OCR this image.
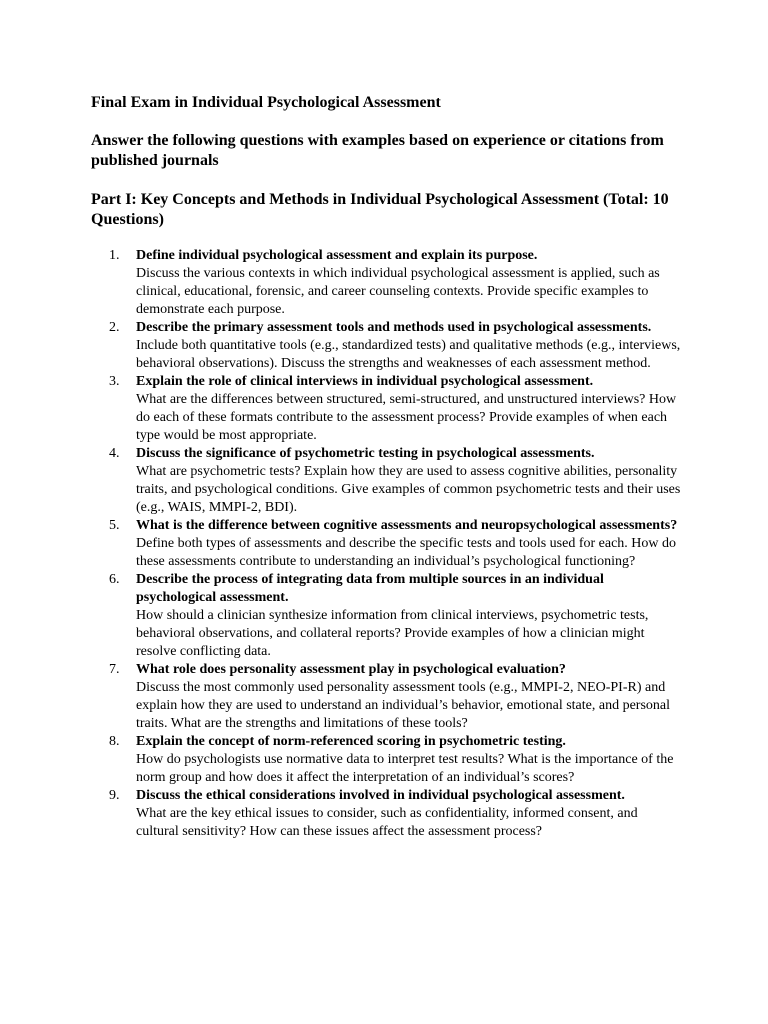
Final Exam in Individual Psychological Assessment

Answer the following questions with examples based on experience or citations from published journals

Part I: Key Concepts and Methods in Individual Psychological Assessment (Total: 10 Questions)
1.	Define individual psychological assessment and explain its purpose.
Discuss the various contexts in which individual psychological assessment is applied, such as clinical, educational, forensic, and career counseling contexts. Provide specific examples to demonstrate each purpose.
2.	Describe the primary assessment tools and methods used in psychological assessments.
Include both quantitative tools (e.g., standardized tests) and qualitative methods (e.g., interviews, behavioral observations). Discuss the strengths and weaknesses of each assessment method.
3.	Explain the role of clinical interviews in individual psychological assessment.
What are the differences between structured, semi-structured, and unstructured interviews? How do each of these formats contribute to the assessment process? Provide examples of when each type would be most appropriate.
4.	Discuss the significance of psychometric testing in psychological assessments.
What are psychometric tests? Explain how they are used to assess cognitive abilities, personality traits, and psychological conditions. Give examples of common psychometric tests and their uses (e.g., WAIS, MMPI-2, BDI).
5.	What is the difference between cognitive assessments and neuropsychological assessments?
Define both types of assessments and describe the specific tests and tools used for each. How do these assessments contribute to understanding an individual’s psychological functioning?
6.	Describe the process of integrating data from multiple sources in an individual psychological assessment.
How should a clinician synthesize information from clinical interviews, psychometric tests, behavioral observations, and collateral reports? Provide examples of how a clinician might resolve conflicting data.
7.	What role does personality assessment play in psychological evaluation?
Discuss the most commonly used personality assessment tools (e.g., MMPI-2, NEO-PI-R) and explain how they are used to understand an individual’s behavior, emotional state, and personal traits. What are the strengths and limitations of these tools?
8.	Explain the concept of norm-referenced scoring in psychometric testing.
How do psychologists use normative data to interpret test results? What is the importance of the norm group and how does it affect the interpretation of an individual’s scores?
9.	Discuss the ethical considerations involved in individual psychological assessment.
What are the key ethical issues to consider, such as confidentiality, informed consent, and cultural sensitivity? How can these issues affect the assessment process?
